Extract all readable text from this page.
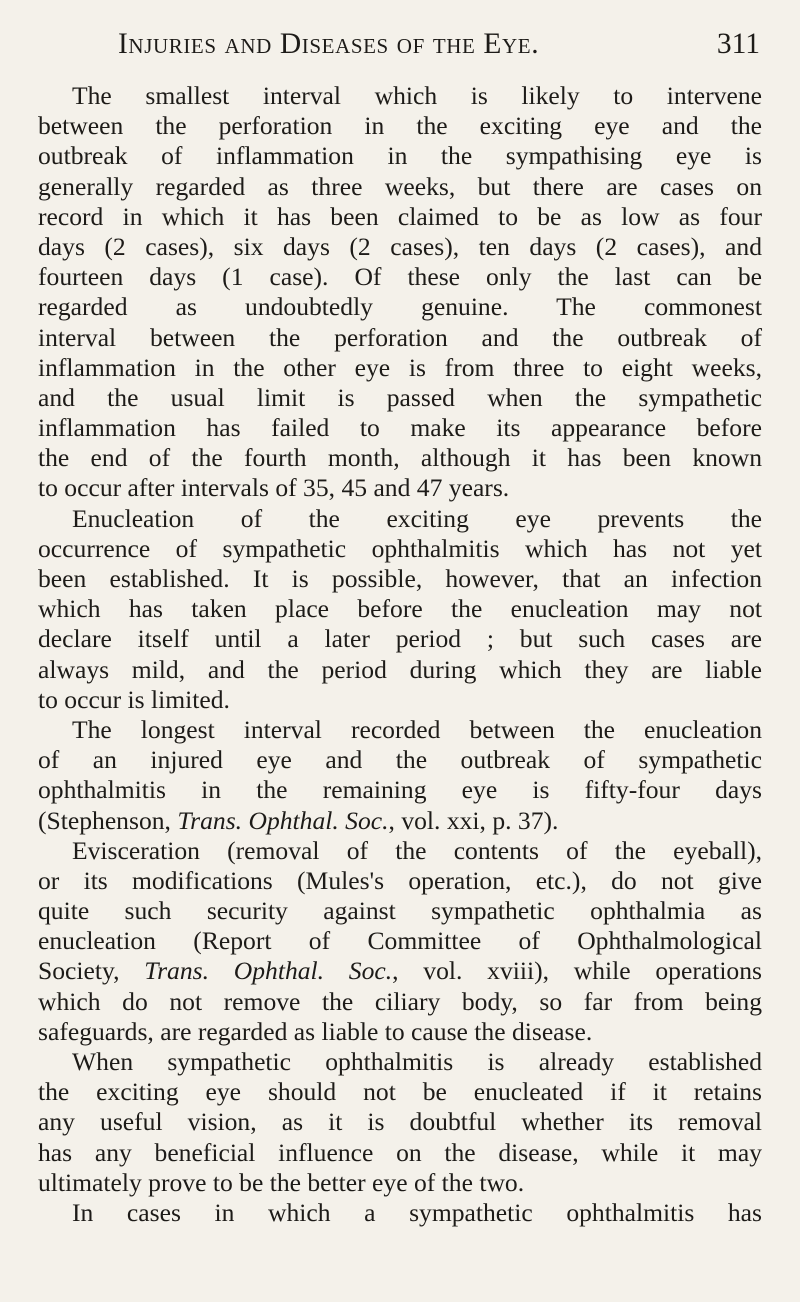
Injuries and Diseases of the Eye.	311
The smallest interval which is likely to intervene
between the perforation in the exciting eye and the
outbreak of inflammation in the sympathising eye is
generally regarded as three weeks, but there are cases on
record in which it has been claimed to be as low as four
days (2 cases), six days (2 cases), ten days (2 cases), and
fourteen days (1 case). Of these only the last can be
regarded as undoubtedly genuine. The commonest
interval between the perforation and the outbreak of
inflammation in the other eye is from three to eight weeks,
and the usual limit is passed when the sympathetic
inflammation has failed to make its appearance before
the end of the fourth month, although it has been known
to occur after intervals of 35, 45 and 47 years.
Enucleation of the exciting eye prevents the
occurrence of sympathetic ophthalmitis which has not yet
been established. It is possible, however, that an infection
which has taken place before the enucleation may not
declare itself until a later period ; but such cases are
always mild, and the period during which they are liable
to occur is limited.
The longest interval recorded between the enucleation
of an injured eye and the outbreak of sympathetic
ophthalmitis in the remaining eye is fifty-four days
(Stephenson, Trans. Ophthal. Soc., vol. xxi, p. 37).
Evisceration (removal of the contents of the eyeball),
or its modifications (Mules's operation, etc.), do not give
quite such security against sympathetic ophthalmia as
enucleation (Report of Committee of Ophthalmological
Society, Trans. Ophthal. Soc., vol. xviii), while operations
which do not remove the ciliary body, so far from being
safeguards, are regarded as liable to cause the disease.
When sympathetic ophthalmitis is already established
the exciting eye should not be enucleated if it retains
any useful vision, as it is doubtful whether its removal
has any beneficial influence on the disease, while it may
ultimately prove to be the better eye of the two.
In cases in which a sympathetic ophthalmitis has
